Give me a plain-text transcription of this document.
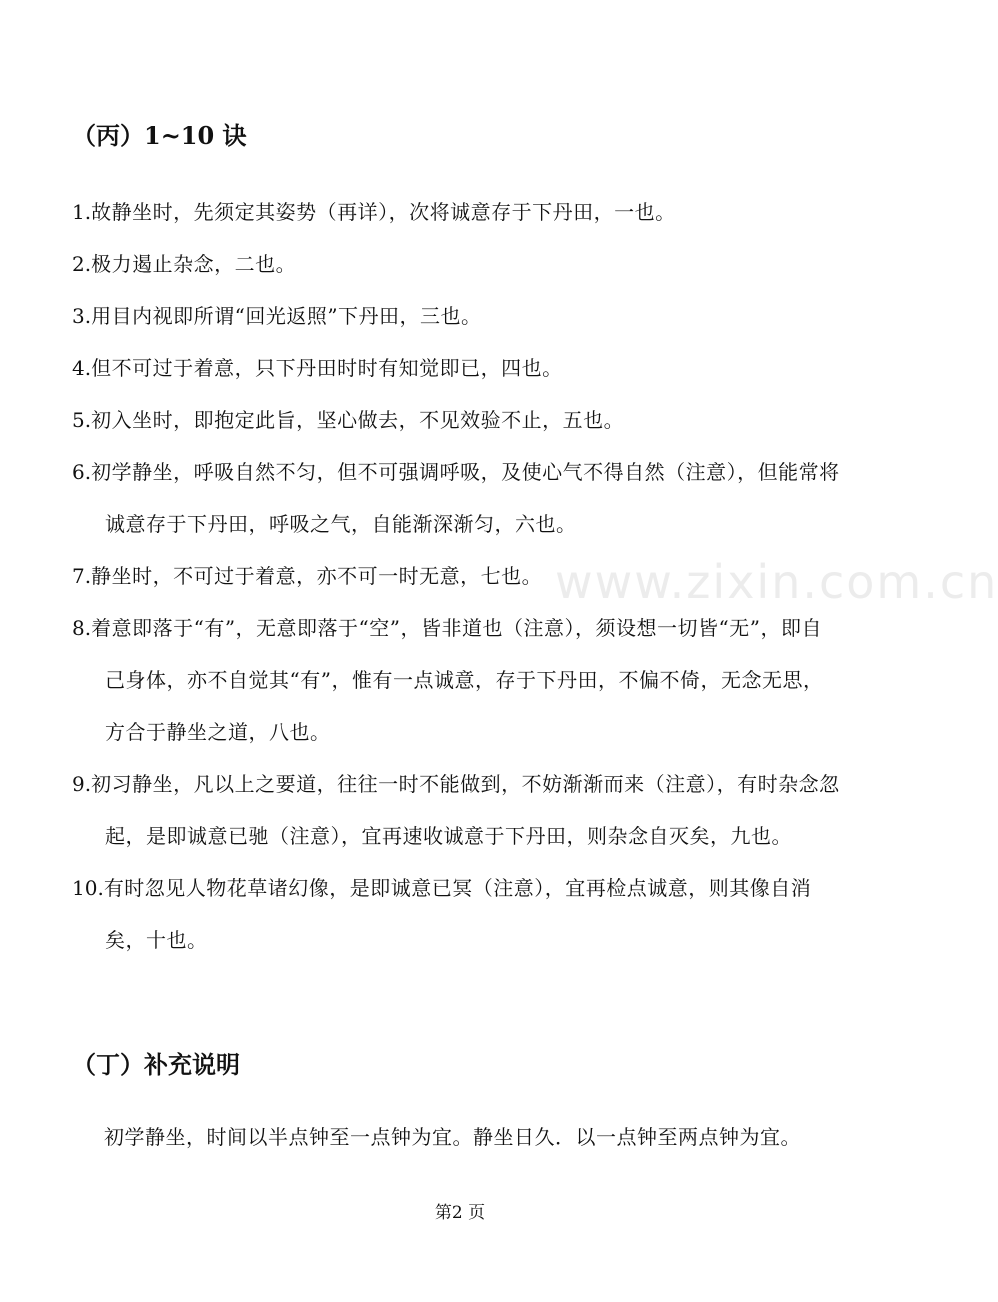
www.zixin.com.cn
（丙）1~10 诀
1.故静坐时，先须定其姿势（再详），次将诚意存于下丹田，一也。
2.极力遏止杂念，二也。
3.用目内视即所谓“回光返照”下丹田，三也。
4.但不可过于着意，只下丹田时时有知觉即已，四也。
5.初入坐时，即抱定此旨，坚心做去，不见效验不止，五也。
6.初学静坐，呼吸自然不匀，但不可强调呼吸，及使心气不得自然（注意），但能常将诚意存于下丹田，呼吸之气，自能渐深渐匀，六也。
7.静坐时，不可过于着意，亦不可一时无意，七也。
8.着意即落于“有”，无意即落于“空”，皆非道也（注意），须设想一切皆“无”，即自己身体，亦不自觉其“有”，惟有一点诚意，存于下丹田，不偏不倚，无念无思，方合于静坐之道，八也。
9.初习静坐，凡以上之要道，往往一时不能做到，不妨渐渐而来（注意），有时杂念忽起，是即诚意已驰（注意），宜再速收诚意于下丹田，则杂念自灭矣，九也。
10.有时忽见人物花草诸幻像，是即诚意已冥（注意），宜再检点诚意，则其像自消矣，十也。
（丁）补充说明

初学静坐，时间以半点钟至一点钟为宜。静坐日久．以一点钟至两点钟为宜。

第2 页
